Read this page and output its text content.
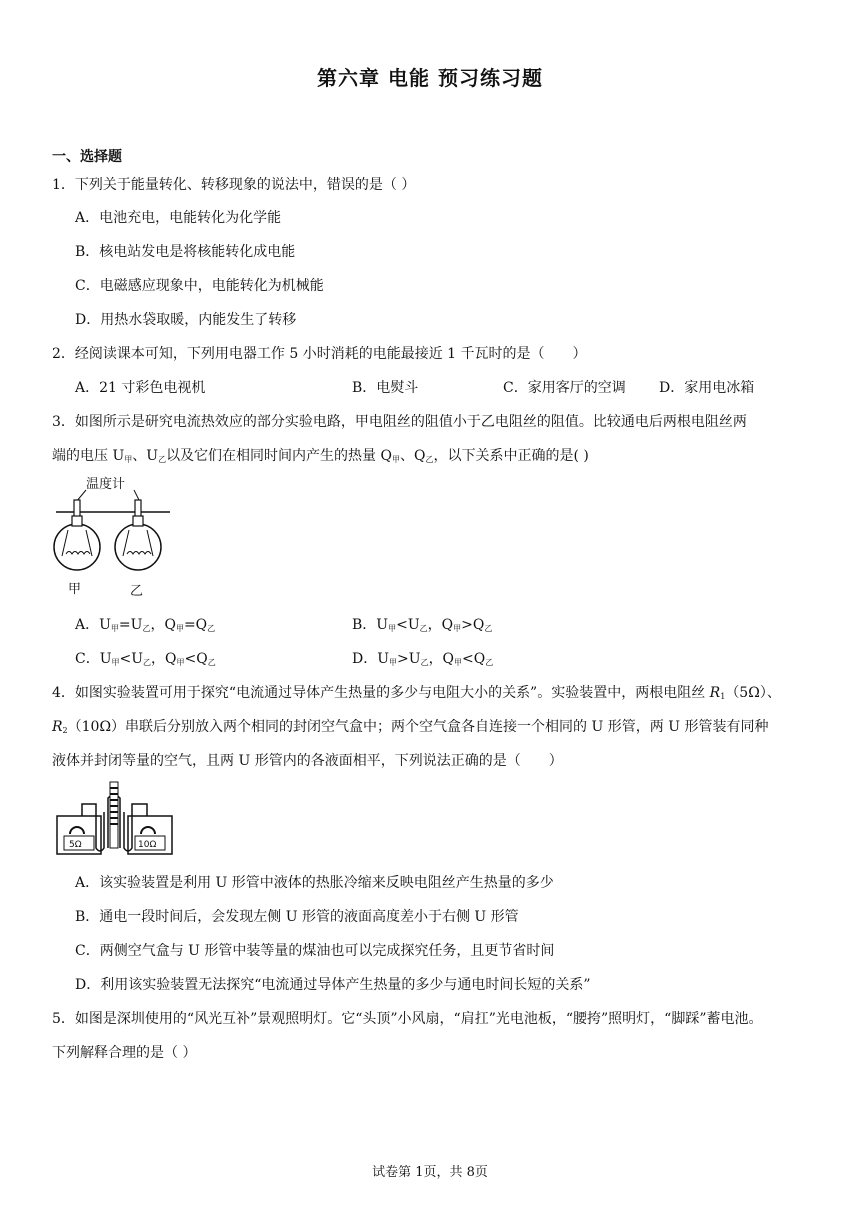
第六章 电能 预习练习题
一、选择题
1．下列关于能量转化、转移现象的说法中，错误的是（ ）
A．电池充电，电能转化为化学能
B．核电站发电是将核能转化成电能
C．电磁感应现象中，电能转化为机械能
D．用热水袋取暖，内能发生了转移
2．经阅读课本可知，下列用电器工作 5 小时消耗的电能最接近 1 千瓦时的是（　　）
A．21 寸彩色电视机	B．电熨斗	C．家用客厅的空调 D．家用电冰箱
3．如图所示是研究电流热效应的部分实验电路，甲电阻丝的阻值小于乙电阻丝的阻值。比较通电后两根电阻丝两
端的电压 $U_甲$、$U_乙$以及它们在相同时间内产生的热量 $Q_甲$、$Q_乙$，以下关系中正确的是( )
温度计
甲	乙
A．$U_甲=U_乙$，$Q_甲=Q_乙$	B．$U_甲<U_乙$，$Q_甲>Q_乙$
C．$U_甲<U_乙$，$Q_甲<Q_乙$	D．$U_甲>U_乙$，$Q_甲<Q_乙$
4．如图实验装置可用于探究“电流通过导体产生热量的多少与电阻大小的关系”。实验装置中，两根电阻丝 $R_1(5\Omega)$、
$R_2(10\Omega)$串联后分别放入两个相同的封闭空气盒中；两个空气盒各自连接一个相同的 U 形管，两 U 形管装有同种
液体并封闭等量的空气，且两 U 形管内的各液面相平，下列说法正确的是（　　）
5Ω	10Ω
A．该实验装置是利用 U 形管中液体的热胀冷缩来反映电阻丝产生热量的多少
B．通电一段时间后，会发现左侧 U 形管的液面高度差小于右侧 U 形管
C．两侧空气盒与 U 形管中装等量的煤油也可以完成探究任务，且更节省时间
D．利用该实验装置无法探究“电流通过导体产生热量的多少与通电时间长短的关系”
5．如图是深圳使用的“风光互补”景观照明灯。它“头顶”小风扇，“肩扛”光电池板，“腰挎”照明灯，“脚踩”蓄电池。
下列解释合理的是（ ）
试卷第 1页，共 8页
